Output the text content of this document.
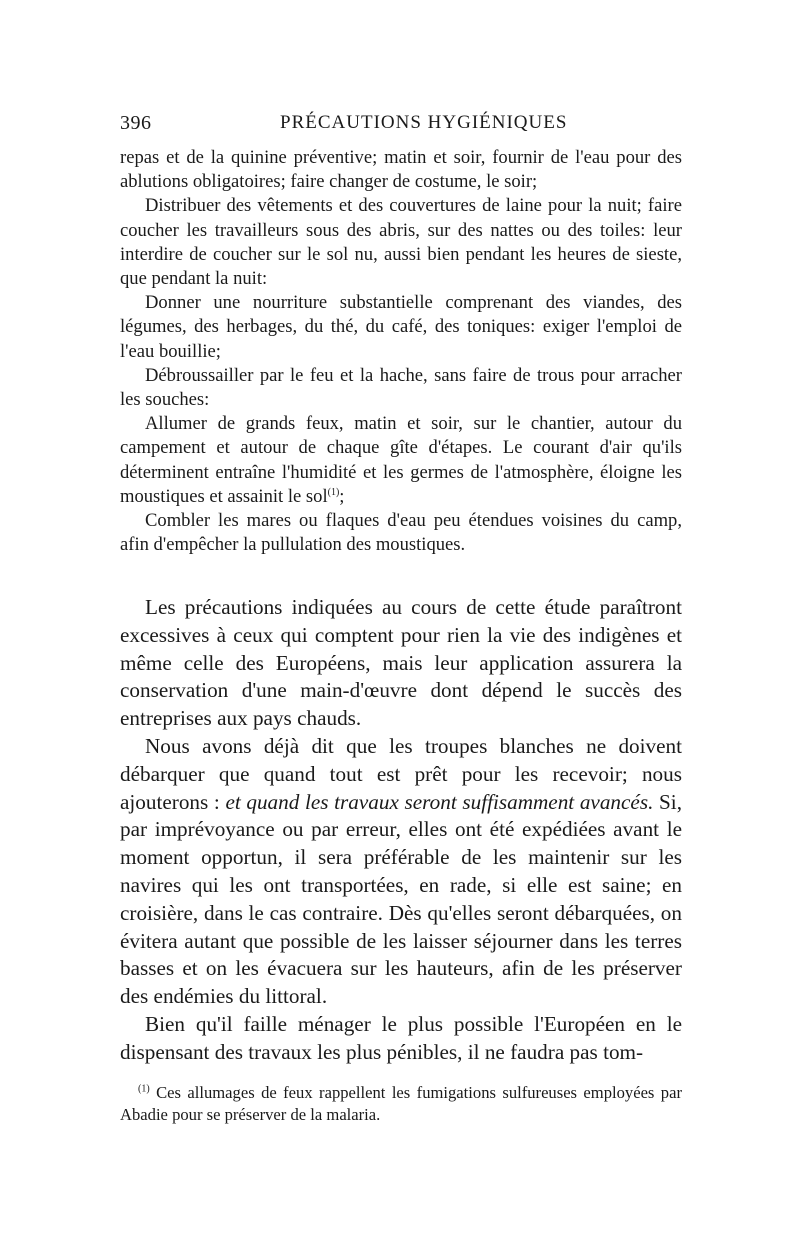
396	PRÉCAUTIONS HYGIÉNIQUES

repas et de la quinine préventive; matin et soir, fournir de l'eau pour des ablutions obligatoires; faire changer de costume, le soir;

Distribuer des vêtements et des couvertures de laine pour la nuit; faire coucher les travailleurs sous des abris, sur des nattes ou des toiles: leur interdire de coucher sur le sol nu, aussi bien pendant les heures de sieste, que pendant la nuit:

Donner une nourriture substantielle comprenant des viandes, des légumes, des herbages, du thé, du café, des toniques: exiger l'emploi de l'eau bouillie;

Débroussailler par le feu et la hache, sans faire de trous pour arracher les souches:

Allumer de grands feux, matin et soir, sur le chantier, autour du campement et autour de chaque gîte d'étapes. Le courant d'air qu'ils déterminent entraîne l'humidité et les germes de l'atmosphère, éloigne les moustiques et assainit le sol$^{(1)}$;

Combler les mares ou flaques d'eau peu étendues voisines du camp, afin d'empêcher la pullulation des moustiques.

Les précautions indiquées au cours de cette étude paraîtront excessives à ceux qui comptent pour rien la vie des indigènes et même celle des Européens, mais leur application assurera la conservation d'une main-d'œuvre dont dépend le succès des entreprises aux pays chauds.

Nous avons déjà dit que les troupes blanches ne doivent débarquer que quand tout est prêt pour les recevoir; nous ajouterons : et quand les travaux seront suffisamment avancés. Si, par imprévoyance ou par erreur, elles ont été expédiées avant le moment opportun, il sera préférable de les maintenir sur les navires qui les ont transportées, en rade, si elle est saine; en croisière, dans le cas contraire. Dès qu'elles seront débarquées, on évitera autant que possible de les laisser séjourner dans les terres basses et on les évacuera sur les hauteurs, afin de les préserver des endémies du littoral.

Bien qu'il faille ménager le plus possible l'Européen en le dispensant des travaux les plus pénibles, il ne faudra pas tom-

$^{(1)}$ Ces allumages de feux rappellent les fumigations sulfureuses employées par Abadie pour se préserver de la malaria.
